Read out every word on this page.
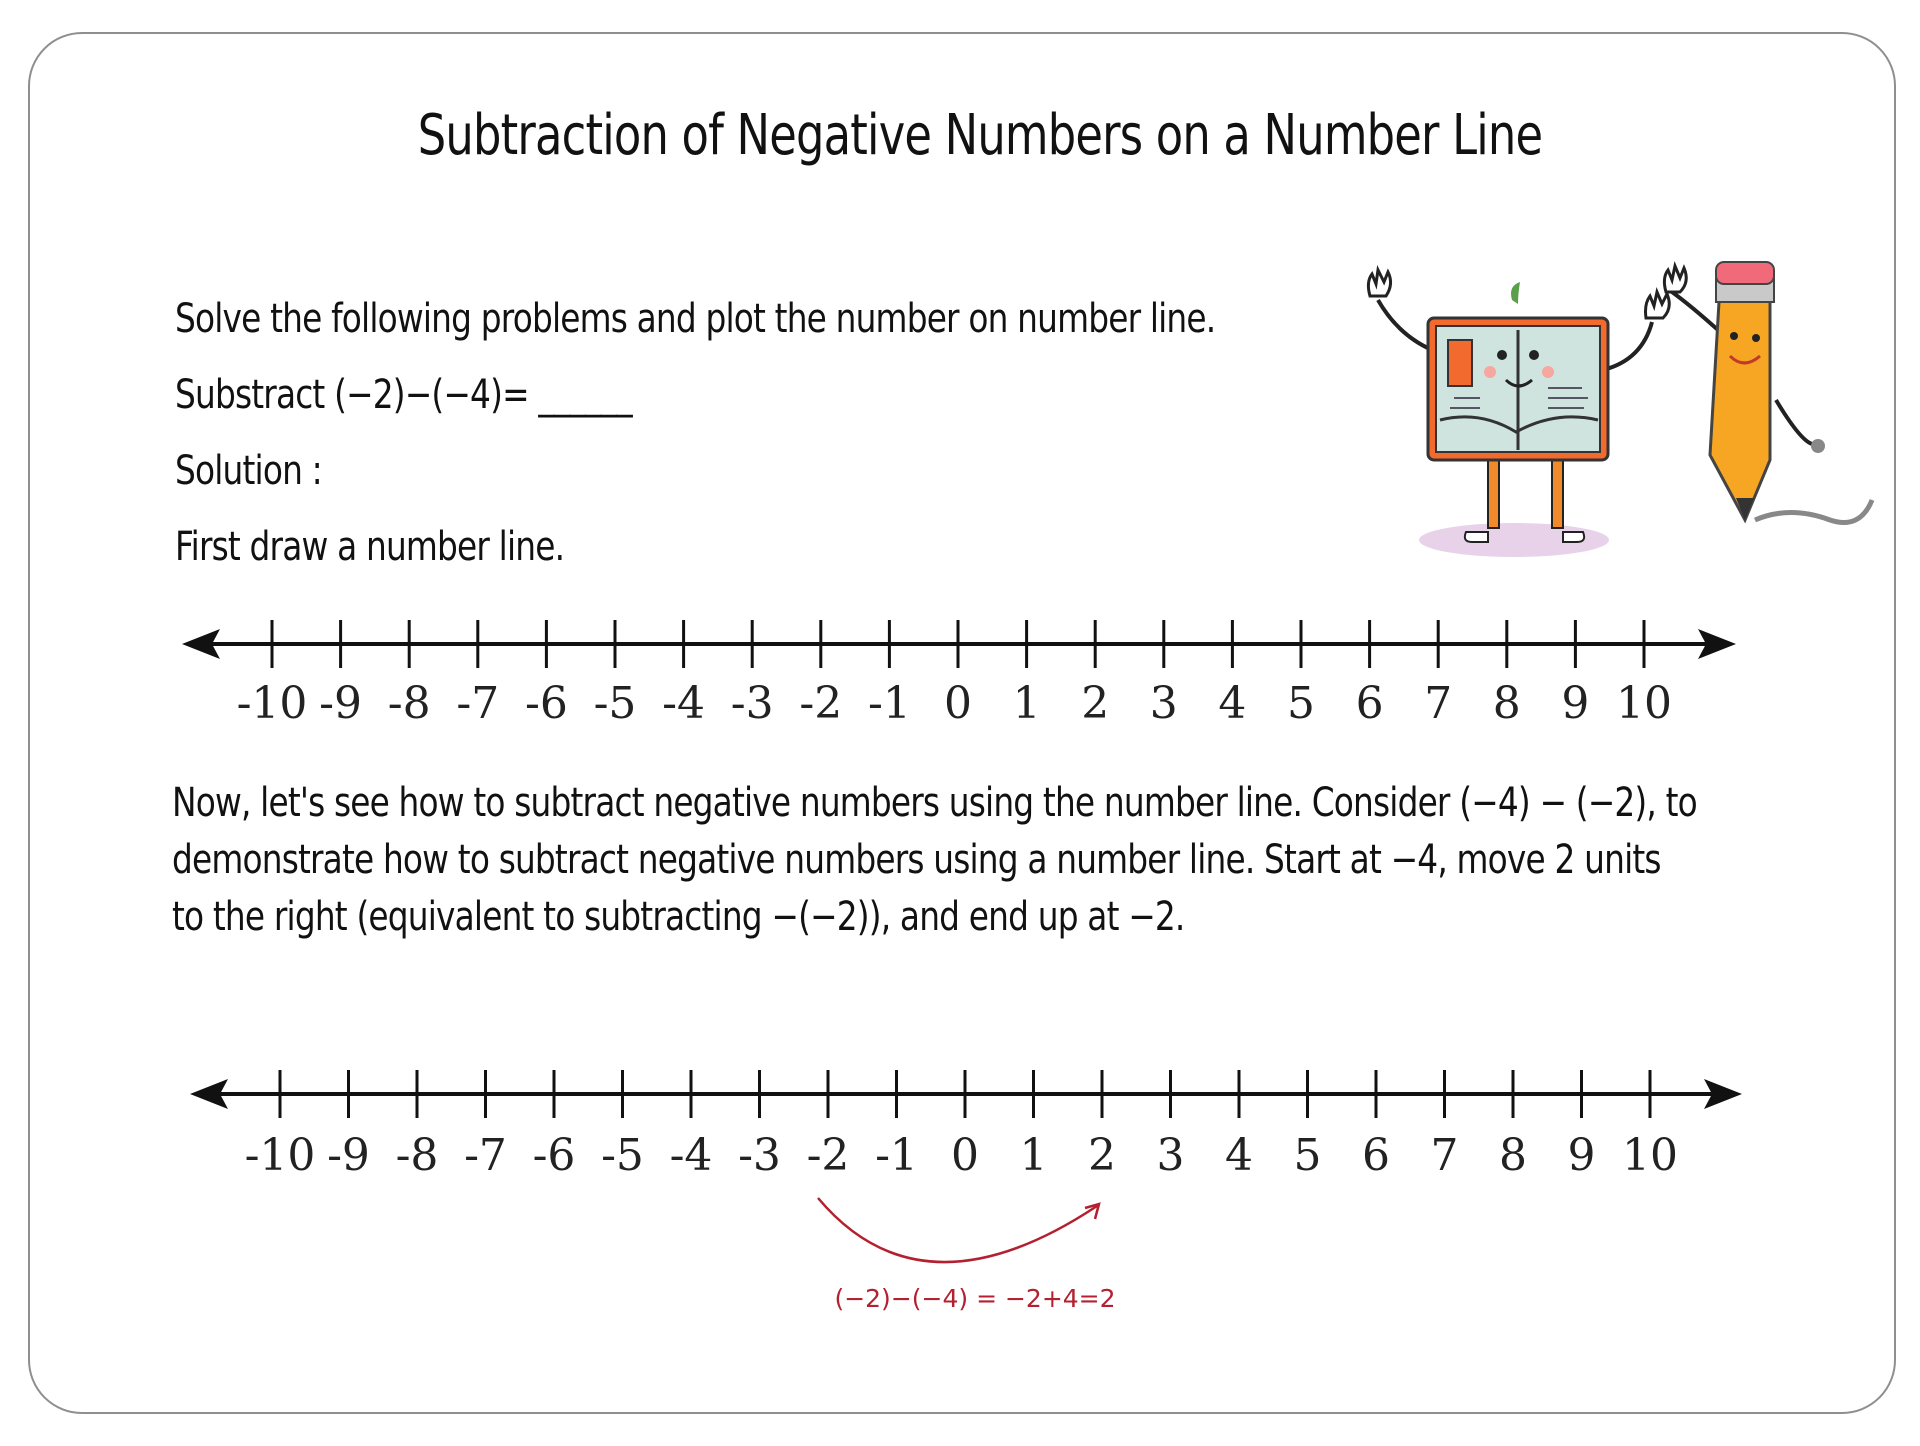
Subtraction of Negative Numbers on a Number Line
Solve the following problems and plot the number on number line.
Substract (−2)−(−4)= ______
Solution :
First draw a number line.
Now, let's see how to subtract negative numbers using the number line. Consider (−4) − (−2), to
demonstrate how to subtract negative numbers using a number line. Start at −4, move 2 units
to the right (equivalent to subtracting −(−2)), and end up at −2.
-10 -9 -8 -7 -6 -5 -4 -3 -2 -1 0 1 2 3 4 5 6 7 8 9 10
-10 -9 -8 -7 -6 -5 -4 -3 -2 -1 0 1 2 3 4 5 6 7 8 9 10
(−2)−(−4) = −2+4=2
